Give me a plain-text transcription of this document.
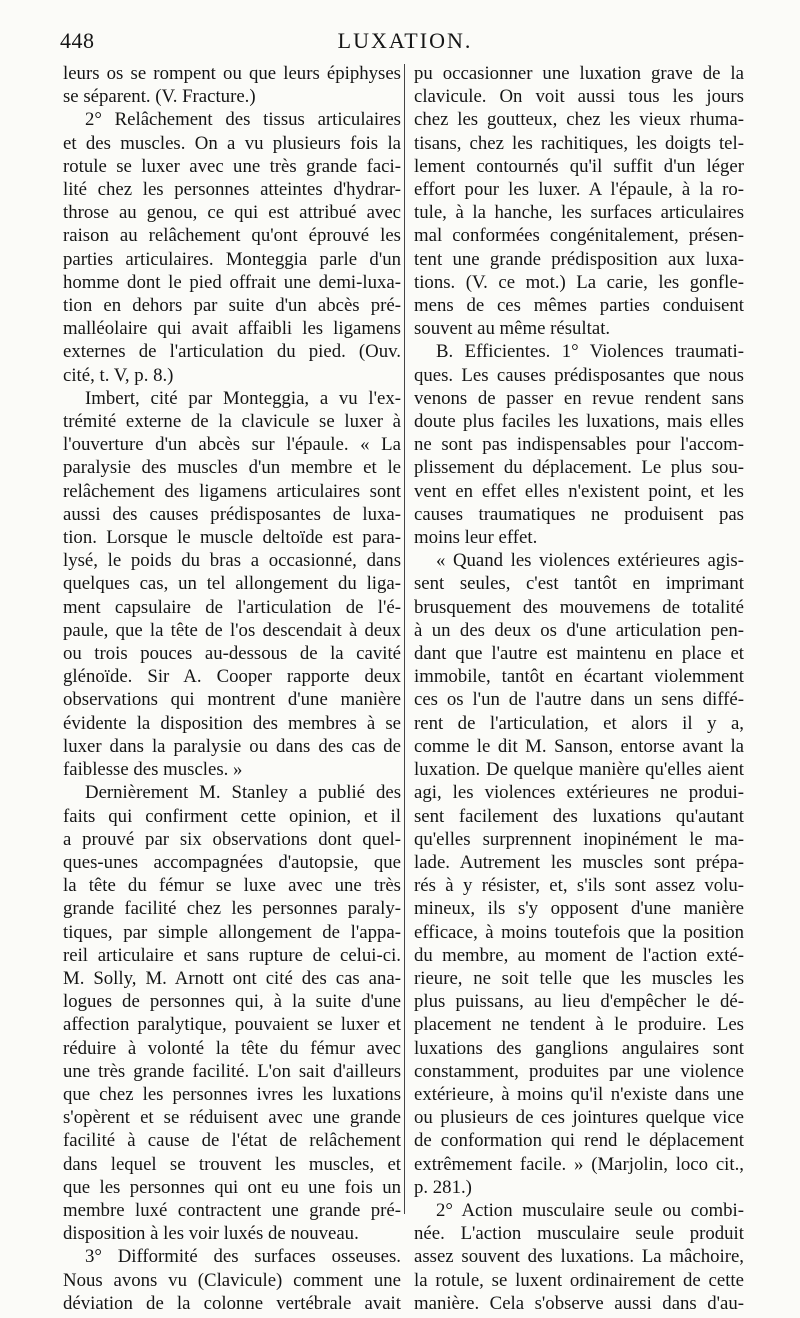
448	LUXATION.
leurs os se rompent ou que leurs épiphyses
se séparent. (V. Fracture.)
2° Relâchement des tissus articulaires
et des muscles. On a vu plusieurs fois la
rotule se luxer avec une très grande faci-
lité chez les personnes atteintes d'hydrar-
throse au genou, ce qui est attribué avec
raison au relâchement qu'ont éprouvé les
parties articulaires. Monteggia parle d'un
homme dont le pied offrait une demi-luxa-
tion en dehors par suite d'un abcès pré-
malléolaire qui avait affaibli les ligamens
externes de l'articulation du pied. (Ouv.
cité, t. V, p. 8.)
Imbert, cité par Monteggia, a vu l'ex-
trémité externe de la clavicule se luxer à
l'ouverture d'un abcès sur l'épaule. « La
paralysie des muscles d'un membre et le
relâchement des ligamens articulaires sont
aussi des causes prédisposantes de luxa-
tion. Lorsque le muscle deltoïde est para-
lysé, le poids du bras a occasionné, dans
quelques cas, un tel allongement du liga-
ment capsulaire de l'articulation de l'é-
paule, que la tête de l'os descendait à deux
ou trois pouces au-dessous de la cavité
glénoïde. Sir A. Cooper rapporte deux
observations qui montrent d'une manière
évidente la disposition des membres à se
luxer dans la paralysie ou dans des cas de
faiblesse des muscles. »
Dernièrement M. Stanley a publié des
faits qui confirment cette opinion, et il
a prouvé par six observations dont quel-
ques-unes accompagnées d'autopsie, que
la tête du fémur se luxe avec une très
grande facilité chez les personnes paraly-
tiques, par simple allongement de l'appa-
reil articulaire et sans rupture de celui-ci.
M. Solly, M. Arnott ont cité des cas ana-
logues de personnes qui, à la suite d'une
affection paralytique, pouvaient se luxer et
réduire à volonté la tête du fémur avec
une très grande facilité. L'on sait d'ailleurs
que chez les personnes ivres les luxations
s'opèrent et se réduisent avec une grande
facilité à cause de l'état de relâchement
dans lequel se trouvent les muscles, et
que les personnes qui ont eu une fois un
membre luxé contractent une grande pré-
disposition à les voir luxés de nouveau.
3° Difformité des surfaces osseuses.
Nous avons vu (Clavicule) comment une
déviation de la colonne vertébrale avait
pu occasionner une luxation grave de la
clavicule. On voit aussi tous les jours
chez les goutteux, chez les vieux rhuma-
tisans, chez les rachitiques, les doigts tel-
lement contournés qu'il suffit d'un léger
effort pour les luxer. A l'épaule, à la ro-
tule, à la hanche, les surfaces articulaires
mal conformées congénitalement, présen-
tent une grande prédisposition aux luxa-
tions. (V. ce mot.) La carie, les gonfle-
mens de ces mêmes parties conduisent
souvent au même résultat.
B. Efficientes. 1° Violences traumati-
ques. Les causes prédisposantes que nous
venons de passer en revue rendent sans
doute plus faciles les luxations, mais elles
ne sont pas indispensables pour l'accom-
plissement du déplacement. Le plus sou-
vent en effet elles n'existent point, et les
causes traumatiques ne produisent pas
moins leur effet.
« Quand les violences extérieures agis-
sent seules, c'est tantôt en imprimant
brusquement des mouvemens de totalité
à un des deux os d'une articulation pen-
dant que l'autre est maintenu en place et
immobile, tantôt en écartant violemment
ces os l'un de l'autre dans un sens diffé-
rent de l'articulation, et alors il y a,
comme le dit M. Sanson, entorse avant la
luxation. De quelque manière qu'elles aient
agi, les violences extérieures ne produi-
sent facilement des luxations qu'autant
qu'elles surprennent inopinément le ma-
lade. Autrement les muscles sont prépa-
rés à y résister, et, s'ils sont assez volu-
mineux, ils s'y opposent d'une manière
efficace, à moins toutefois que la position
du membre, au moment de l'action exté-
rieure, ne soit telle que les muscles les
plus puissans, au lieu d'empêcher le dé-
placement ne tendent à le produire. Les
luxations des ganglions angulaires sont
constamment, produites par une violence
extérieure, à moins qu'il n'existe dans une
ou plusieurs de ces jointures quelque vice
de conformation qui rend le déplacement
extrêmement facile. » (Marjolin, loco cit.,
p. 281.)
2° Action musculaire seule ou combi-
née. L'action musculaire seule produit
assez souvent des luxations. La mâchoire,
la rotule, se luxent ordinairement de cette
manière. Cela s'observe aussi dans d'au-
